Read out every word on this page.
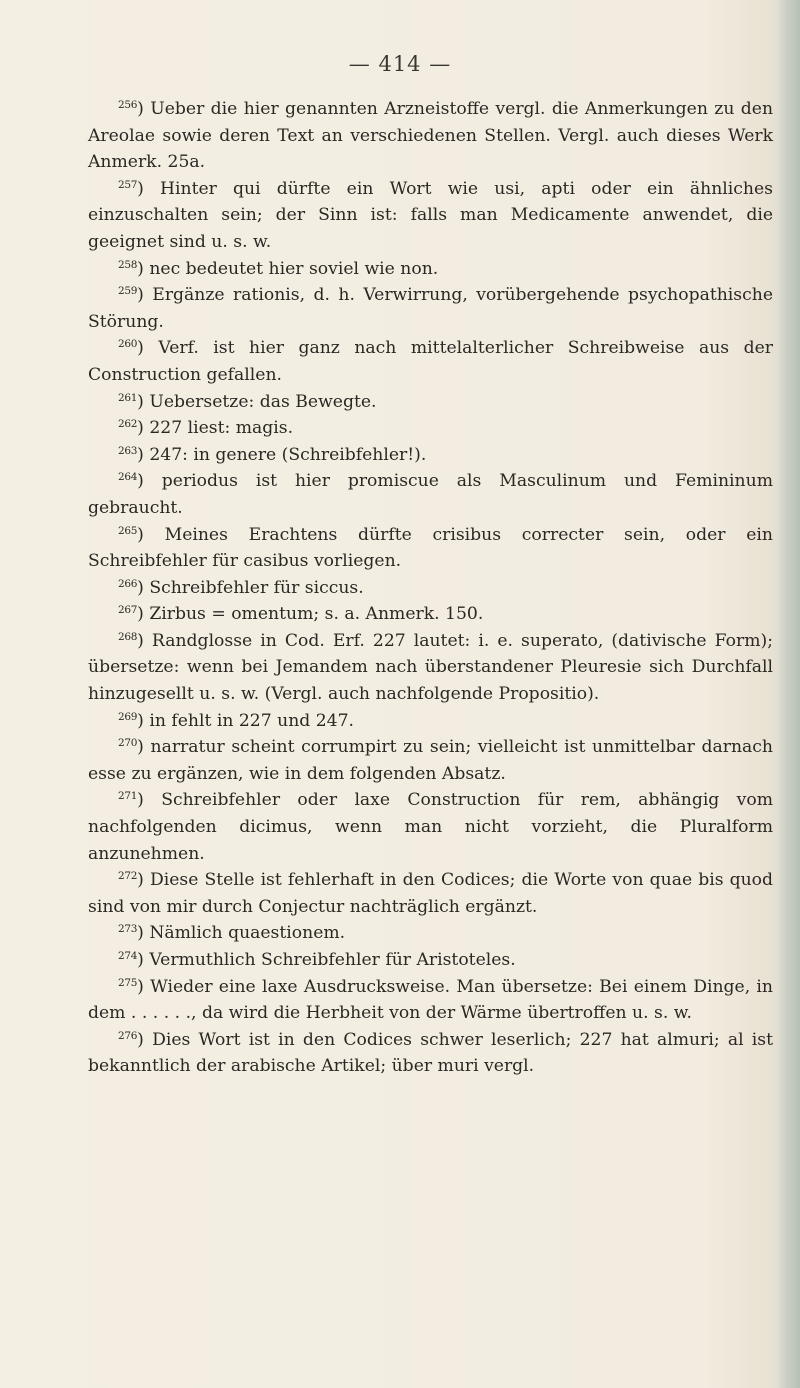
— 414 —

$^{256}$) Ueber die hier genannten Arzneistoffe vergl. die Anmerkungen zu den Areolae sowie deren Text an verschiedenen Stellen. Vergl. auch dieses Werk Anmerk. 25a.

$^{257}$) Hinter qui dürfte ein Wort wie usi, apti oder ein ähnliches einzuschalten sein; der Sinn ist: falls man Medicamente anwendet, die geeignet sind u. s. w.

$^{258}$) nec bedeutet hier soviel wie non.

$^{259}$) Ergänze rationis, d. h. Verwirrung, vorübergehende psychopathische Störung.

$^{260}$) Verf. ist hier ganz nach mittelalterlicher Schreibweise aus der Construction gefallen.

$^{261}$) Uebersetze: das Bewegte.

$^{262}$) 227 liest: magis.

$^{263}$) 247: in genere (Schreibfehler!).

$^{264}$) periodus ist hier promiscue als Masculinum und Femininum gebraucht.

$^{265}$) Meines Erachtens dürfte crisibus correcter sein, oder ein Schreibfehler für casibus vorliegen.

$^{266}$) Schreibfehler für siccus.

$^{267}$) Zirbus = omentum; s. a. Anmerk. 150.

$^{268}$) Randglosse in Cod. Erf. 227 lautet: i. e. superato, (dativische Form); übersetze: wenn bei Jemandem nach überstandener Pleuresie sich Durchfall hinzugesellt u. s. w. (Vergl. auch nachfolgende Propositio).

$^{269}$) in fehlt in 227 und 247.

$^{270}$) narratur scheint corrumpirt zu sein; vielleicht ist unmittelbar darnach esse zu ergänzen, wie in dem folgenden Absatz.

$^{271}$) Schreibfehler oder laxe Construction für rem, abhängig vom nachfolgenden dicimus, wenn man nicht vorzieht, die Pluralform anzunehmen.

$^{272}$) Diese Stelle ist fehlerhaft in den Codices; die Worte von quae bis quod sind von mir durch Conjectur nachträglich ergänzt.

$^{273}$) Nämlich quaestionem.

$^{274}$) Vermuthlich Schreibfehler für Aristoteles.

$^{275}$) Wieder eine laxe Ausdrucksweise. Man übersetze: Bei einem Dinge, in dem . . . . . ., da wird die Herbheit von der Wärme übertroffen u. s. w.

$^{276}$) Dies Wort ist in den Codices schwer leserlich; 227 hat almuri; al ist bekanntlich der arabische Artikel; über muri vergl.
